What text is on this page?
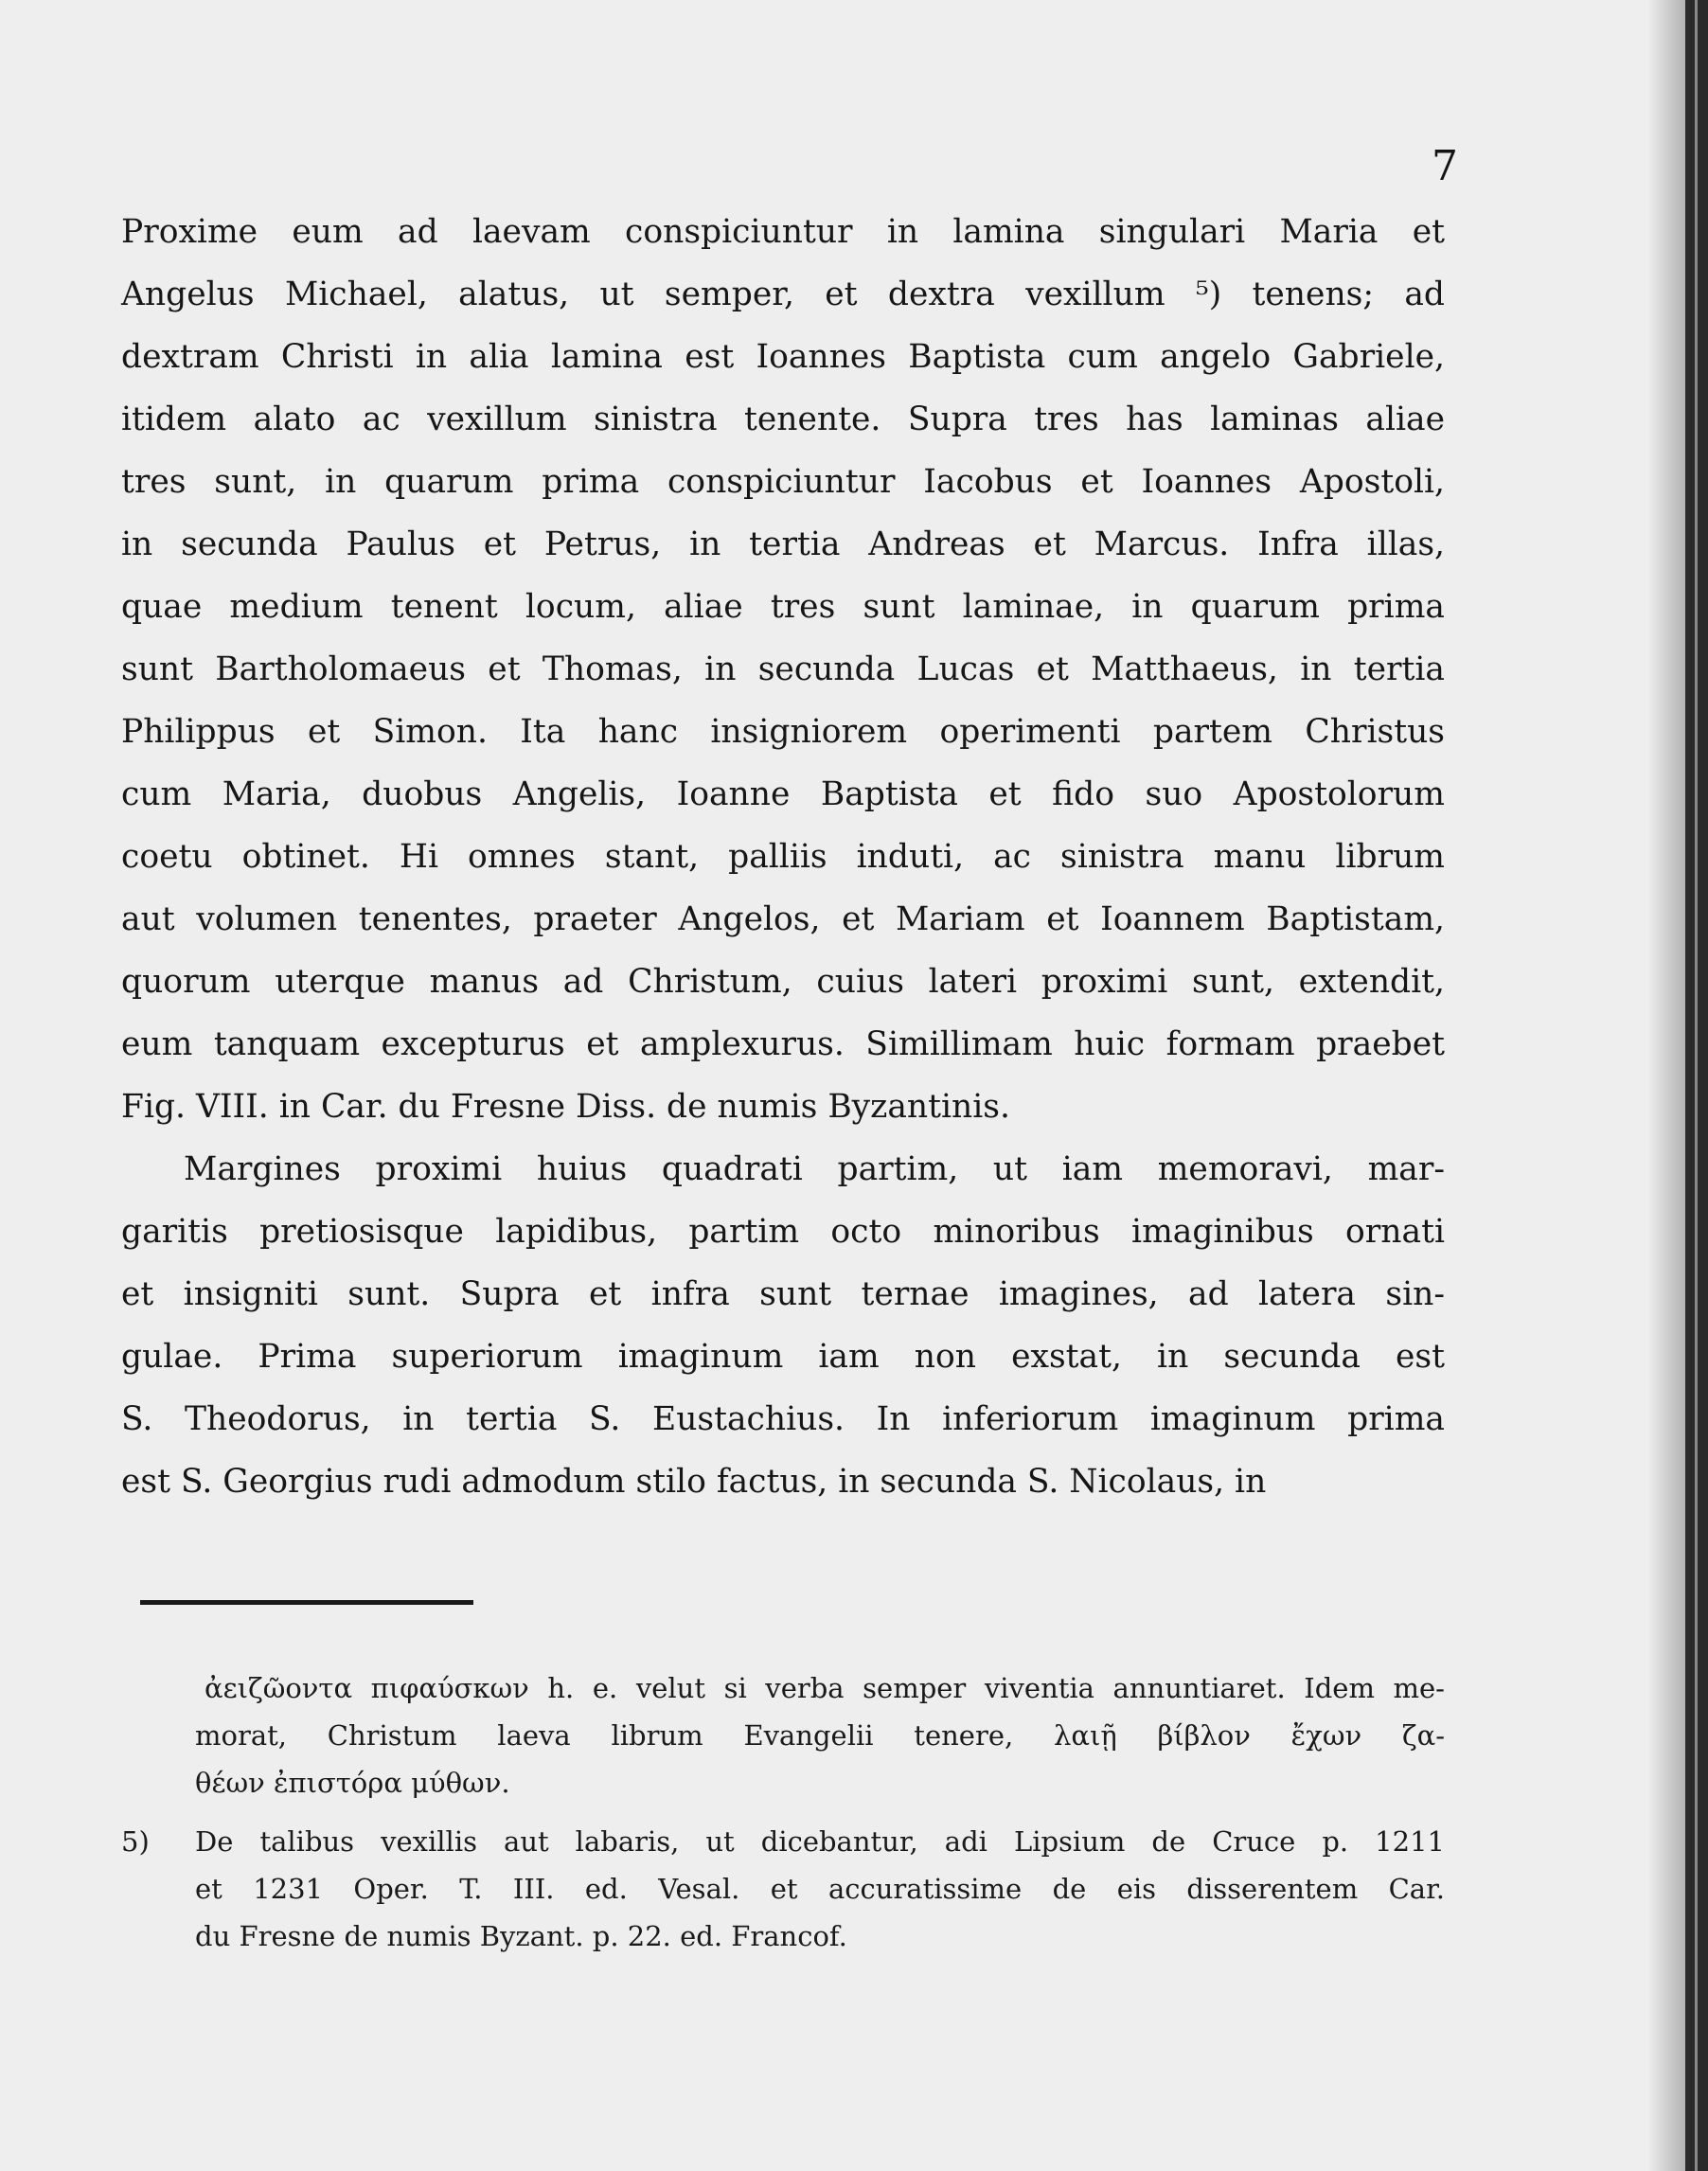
7
Proxime eum ad laevam conspiciuntur in lamina singulari Maria et
Angelus Michael, alatus, ut semper, et dextra vexillum ⁵) tenens; ad
dextram Christi in alia lamina est Ioannes Baptista cum angelo Gabriele,
itidem alato ac vexillum sinistra tenente. Supra tres has laminas aliae
tres sunt, in quarum prima conspiciuntur Iacobus et Ioannes Apostoli,
in secunda Paulus et Petrus, in tertia Andreas et Marcus. Infra illas,
quae medium tenent locum, aliae tres sunt laminae, in quarum prima
sunt Bartholomaeus et Thomas, in secunda Lucas et Matthaeus, in tertia
Philippus et Simon. Ita hanc insigniorem operimenti partem Christus
cum Maria, duobus Angelis, Ioanne Baptista et fido suo Apostolorum
coetu obtinet. Hi omnes stant, palliis induti, ac sinistra manu librum
aut volumen tenentes, praeter Angelos, et Mariam et Ioannem Baptistam,
quorum uterque manus ad Christum, cuius lateri proximi sunt, extendit,
eum tanquam excepturus et amplexurus. Simillimam huic formam praebet
Fig. VIII. in Car. du Fresne Diss. de numis Byzantinis.
Margines proximi huius quadrati partim, ut iam memoravi, mar-
garitis pretiosisque lapidibus, partim octo minoribus imaginibus ornati
et insigniti sunt. Supra et infra sunt ternae imagines, ad latera sin-
gulae. Prima superiorum imaginum iam non exstat, in secunda est
S. Theodorus, in tertia S. Eustachius. In inferiorum imaginum prima
est S. Georgius rudi admodum stilo factus, in secunda S. Nicolaus, in
ἀειζῶοντα πιφαύσκων h. e. velut si verba semper viventia annuntiaret. Idem me-
morat, Christum laeva librum Evangelii tenere, λαιῇ βίβλον ἔχων ζα-
θέων ἐπιστόρα μύθων.
5) De talibus vexillis aut labaris, ut dicebantur, adi Lipsium de Cruce p. 1211
et 1231 Oper. T. III. ed. Vesal. et accuratissime de eis disserentem Car.
du Fresne de numis Byzant. p. 22. ed. Francof.
